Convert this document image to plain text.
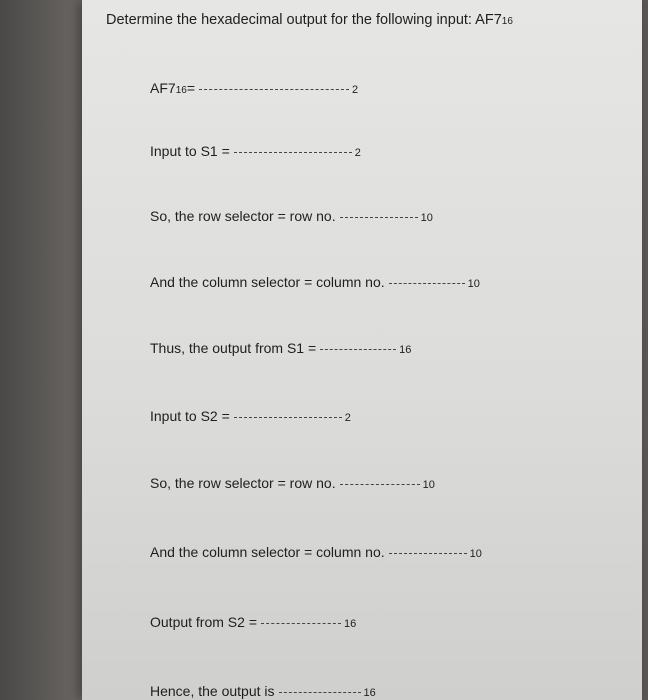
Determine the hexadecimal output for the following input: AF7 16
AF7 16 =	2
Input to S1 =	2
So, the row selector = row no.	10
And the column selector = column no.	10
Thus, the output from S1 =	16
Input to S2 =	2
So, the row selector = row no.	10
And the column selector = column no.	10
Output from S2 =	16
Hence, the output is	16
